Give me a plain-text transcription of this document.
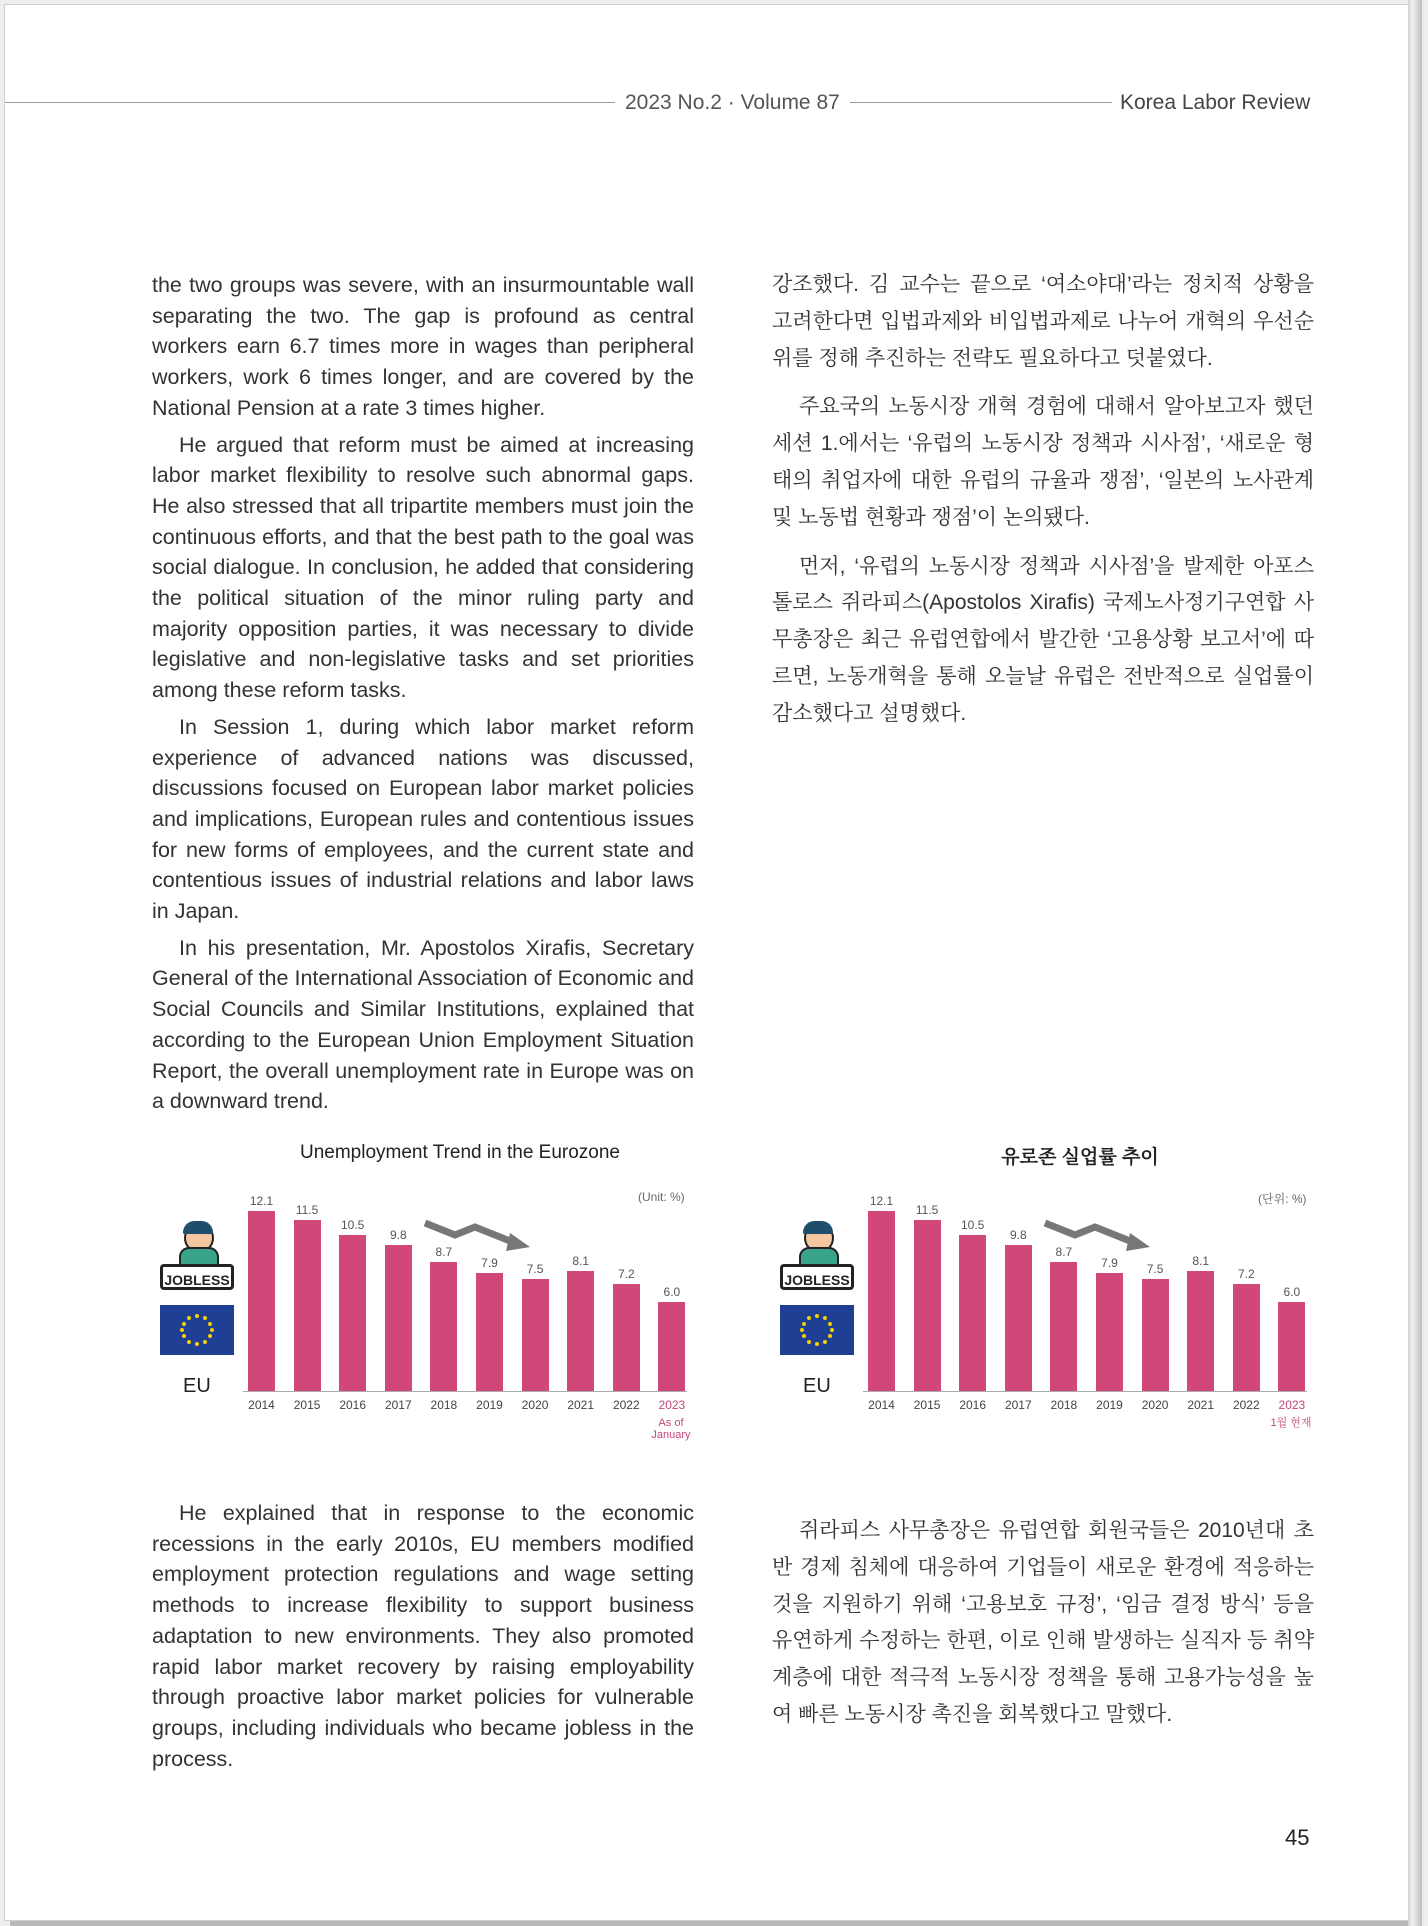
2023 No.2 · Volume 87	Korea Labor Review

the two groups was severe, with an insurmountable wall separating the two. The gap is profound as central workers earn 6.7 times more in wages than peripheral workers, work 6 times longer, and are covered by the National Pension at a rate 3 times higher.

He argued that reform must be aimed at increasing labor market flexibility to resolve such abnormal gaps. He also stressed that all tripartite members must join the continuous efforts, and that the best path to the goal was social dialogue. In conclusion, he added that considering the political situation of the minor ruling party and majority opposition parties, it was necessary to divide legislative and non-legislative tasks and set priorities among these reform tasks.

In Session 1, during which labor market reform experience of advanced nations was discussed, discussions focused on European labor market policies and implications, European rules and contentious issues for new forms of employees, and the current state and contentious issues of industrial relations and labor laws in Japan.

In his presentation, Mr. Apostolos Xirafis, Secretary General of the International Association of Economic and Social Councils and Similar Institutions, explained that according to the European Union Employment Situation Report, the overall unemployment rate in Europe was on a downward trend.

강조했다. 김 교수는 끝으로 ‘여소야대’라는 정치적 상황을 고려한다면 입법과제와 비입법과제로 나누어 개혁의 우선순위를 정해 추진하는 전략도 필요하다고 덧붙였다.

주요국의 노동시장 개혁 경험에 대해서 알아보고자 했던 세션 1.에서는 ‘유럽의 노동시장 정책과 시사점’, ‘새로운 형태의 취업자에 대한 유럽의 규율과 쟁점’, ‘일본의 노사관계 및 노동법 현황과 쟁점’이 논의됐다.

먼저, ‘유럽의 노동시장 정책과 시사점’을 발제한 아포스톨로스 쥐라피스(Apostolos Xirafis) 국제노사정기구연합 사무총장은 최근 유럽연합에서 발간한 ‘고용상황 보고서’에 따르면, 노동개혁을 통해 오늘날 유럽은 전반적으로 실업률이 감소했다고 설명했다.

Unemployment Trend in the Eurozone
(Unit: %)
12.1
2014
11.5
2015
10.5
2016
9.8
2017
8.7
2018
7.9
2019
7.5
2020
8.1
2021
7.2
2022
6.0
2023
JOBLESS
EU
As of
January
유로존 실업률 추이
(단위: %)
12.1
2014
11.5
2015
10.5
2016
9.8
2017
8.7
2018
7.9
2019
7.5
2020
8.1
2021
7.2
2022
6.0
2023
JOBLESS
EU
1월 현재

He explained that in response to the economic recessions in the early 2010s, EU members modified employment protection regulations and wage setting methods to increase flexibility to support business adaptation to new environments. They also promoted rapid labor market recovery by raising employability through proactive labor market policies for vulnerable groups, including individuals who became jobless in the process.

쥐라피스 사무총장은 유럽연합 회원국들은 2010년대 초반 경제 침체에 대응하여 기업들이 새로운 환경에 적응하는 것을 지원하기 위해 ‘고용보호 규정’, ‘임금 결정 방식’ 등을 유연하게 수정하는 한편, 이로 인해 발생하는 실직자 등 취약계층에 대한 적극적 노동시장 정책을 통해 고용가능성을 높여 빠른 노동시장 촉진을 회복했다고 말했다.

45
